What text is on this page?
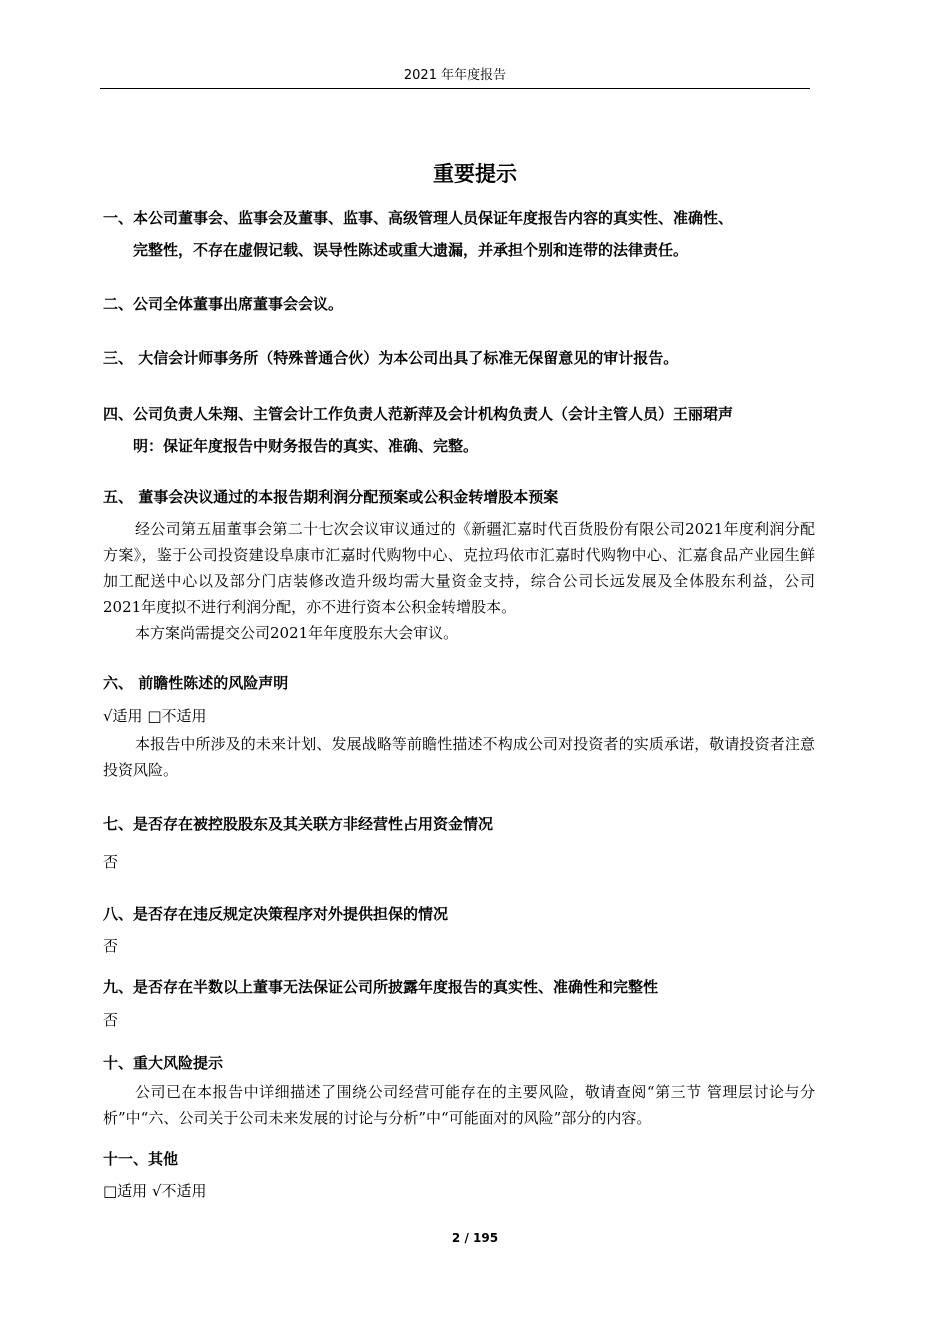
2021 年年度报告
重要提示
一、本公司董事会、监事会及董事、监事、高级管理人员保证年度报告内容的真实性、准确性、
完整性，不存在虚假记载、误导性陈述或重大遗漏，并承担个别和连带的法律责任。
二、公司全体董事出席董事会会议。
三、 大信会计师事务所（特殊普通合伙）为本公司出具了标准无保留意见的审计报告。
四、公司负责人朱翔、主管会计工作负责人范新萍及会计机构负责人（会计主管人员）王丽珺声
明：保证年度报告中财务报告的真实、准确、完整。
五、 董事会决议通过的本报告期利润分配预案或公积金转增股本预案

经公司第五届董事会第二十七次会议审议通过的《新疆汇嘉时代百货股份有限公司2021年度利润分配方案》，鉴于公司投资建设阜康市汇嘉时代购物中心、克拉玛依市汇嘉时代购物中心、汇嘉食品产业园生鲜加工配送中心以及部分门店装修改造升级均需大量资金支持，综合公司长远发展及全体股东利益，公司2021年度拟不进行利润分配，亦不进行资本公积金转增股本。

本方案尚需提交公司2021年年度股东大会审议。

六、 前瞻性陈述的风险声明
√适用 □不适用

本报告中所涉及的未来计划、发展战略等前瞻性描述不构成公司对投资者的实质承诺，敬请投资者注意投资风险。

七、是否存在被控股股东及其关联方非经营性占用资金情况
否
八、是否存在违反规定决策程序对外提供担保的情况
否
九、是否存在半数以上董事无法保证公司所披露年度报告的真实性、准确性和完整性
否
十、重大风险提示

公司已在本报告中详细描述了围绕公司经营可能存在的主要风险，敬请查阅“第三节 管理层讨论与分析”中“六、公司关于公司未来发展的讨论与分析”中“可能面对的风险”部分的内容。

十一、其他
□适用 √不适用
2 / 195
